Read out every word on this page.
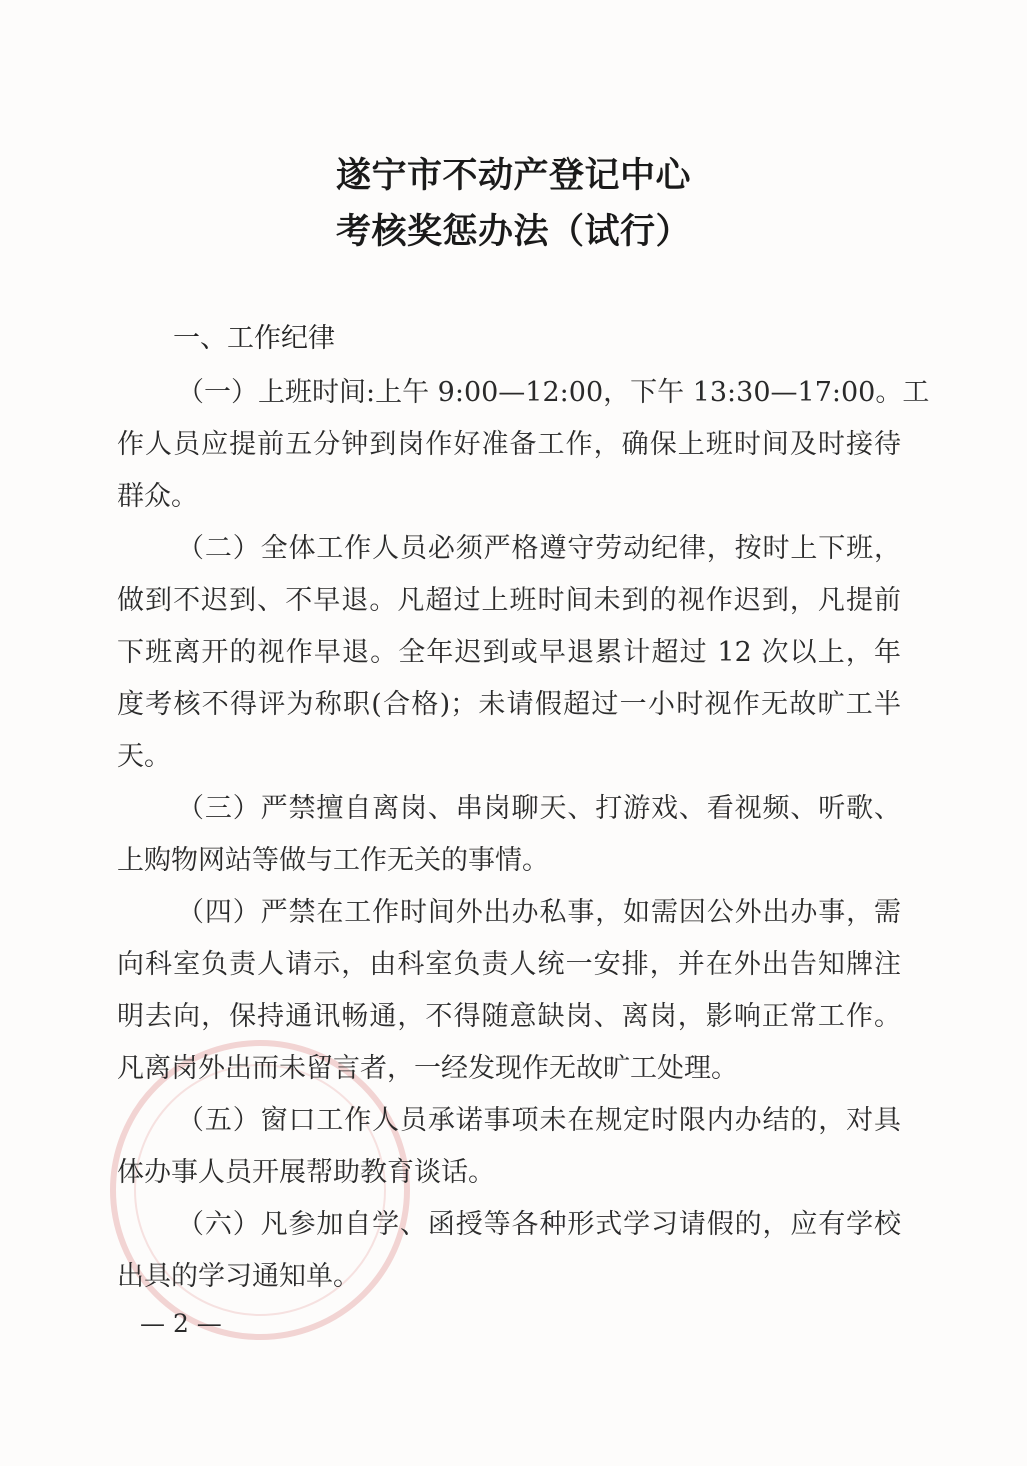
遂宁市不动产登记中心
考核奖惩办法（试行）
一、工作纪律
（一）上班时间:上午 9:00—12:00，下午 13:30—17:00。工
作人员应提前五分钟到岗作好准备工作，确保上班时间及时接待
群众。
（二）全体工作人员必须严格遵守劳动纪律，按时上下班，
做到不迟到、不早退。凡超过上班时间未到的视作迟到，凡提前
下班离开的视作早退。全年迟到或早退累计超过 12 次以上，年
度考核不得评为称职(合格)；未请假超过一小时视作无故旷工半
天。
（三）严禁擅自离岗、串岗聊天、打游戏、看视频、听歌、
上购物网站等做与工作无关的事情。
（四）严禁在工作时间外出办私事，如需因公外出办事，需
向科室负责人请示，由科室负责人统一安排，并在外出告知牌注
明去向，保持通讯畅通，不得随意缺岗、离岗，影响正常工作。
凡离岗外出而未留言者，一经发现作无故旷工处理。
（五）窗口工作人员承诺事项未在规定时限内办结的，对具
体办事人员开展帮助教育谈话。
（六）凡参加自学、函授等各种形式学习请假的，应有学校
出具的学习通知单。
— 2 —
